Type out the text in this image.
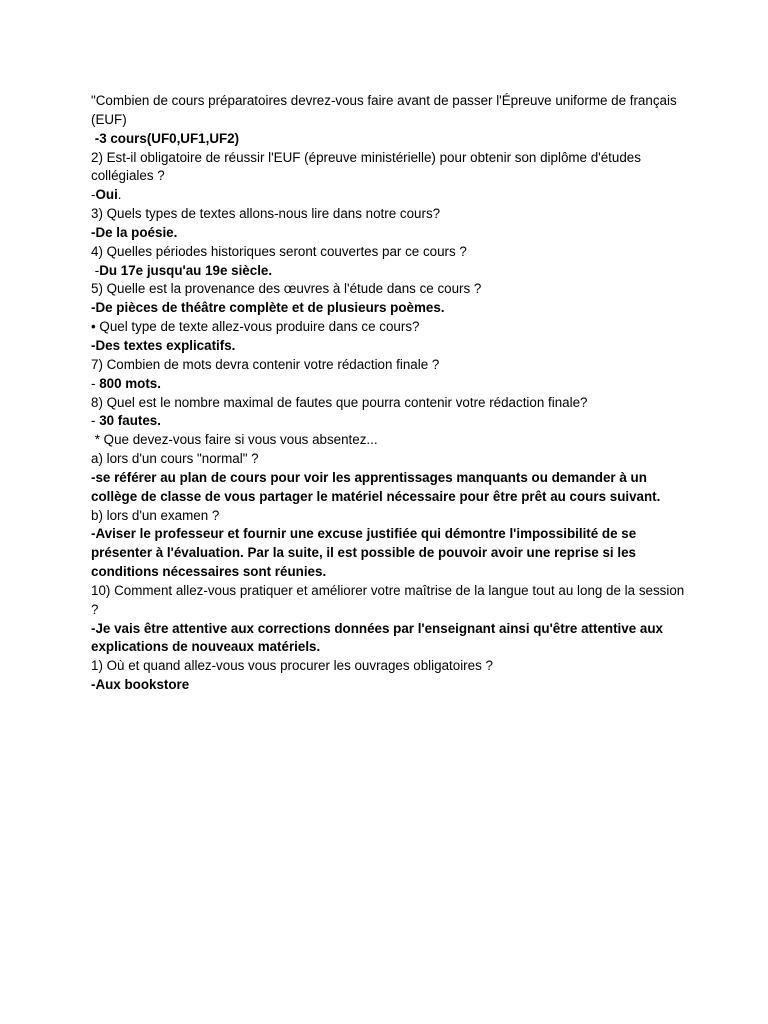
"Combien de cours préparatoires devrez-vous faire avant de passer l'Épreuve uniforme de français (EUF)

-3 cours(UF0,UF1,UF2)

2) Est-il obligatoire de réussir l'EUF (épreuve ministérielle) pour obtenir son diplôme d'études collégiales ?

-Oui.

3) Quels types de textes allons-nous lire dans notre cours?

-De la poésie.

4) Quelles périodes historiques seront couvertes par ce cours ?

-Du 17e jusqu'au 19e siècle.

5) Quelle est la provenance des œuvres à l'étude dans ce cours ?

-De pièces de théâtre complète et de plusieurs poèmes.

• Quel type de texte allez-vous produire dans ce cours?

-Des textes explicatifs.

7) Combien de mots devra contenir votre rédaction finale ?

- 800 mots.

8) Quel est le nombre maximal de fautes que pourra contenir votre rédaction finale?

- 30 fautes.

* Que devez-vous faire si vous vous absentez...

a) lors d'un cours "normal" ?

-se référer au plan de cours pour voir les apprentissages manquants ou demander à un collège de classe de vous partager le matériel nécessaire pour être prêt au cours suivant.

b) lors d'un examen ?

-Aviser le professeur et fournir une excuse justifiée qui démontre l'impossibilité de se présenter à l'évaluation. Par la suite, il est possible de pouvoir avoir une reprise si les conditions nécessaires sont réunies.

10) Comment allez-vous pratiquer et améliorer votre maîtrise de la langue tout au long de la session ?

-Je vais être attentive aux corrections données par l'enseignant ainsi qu'être attentive aux explications de nouveaux matériels.

1) Où et quand allez-vous vous procurer les ouvrages obligatoires ?

-Aux bookstore
